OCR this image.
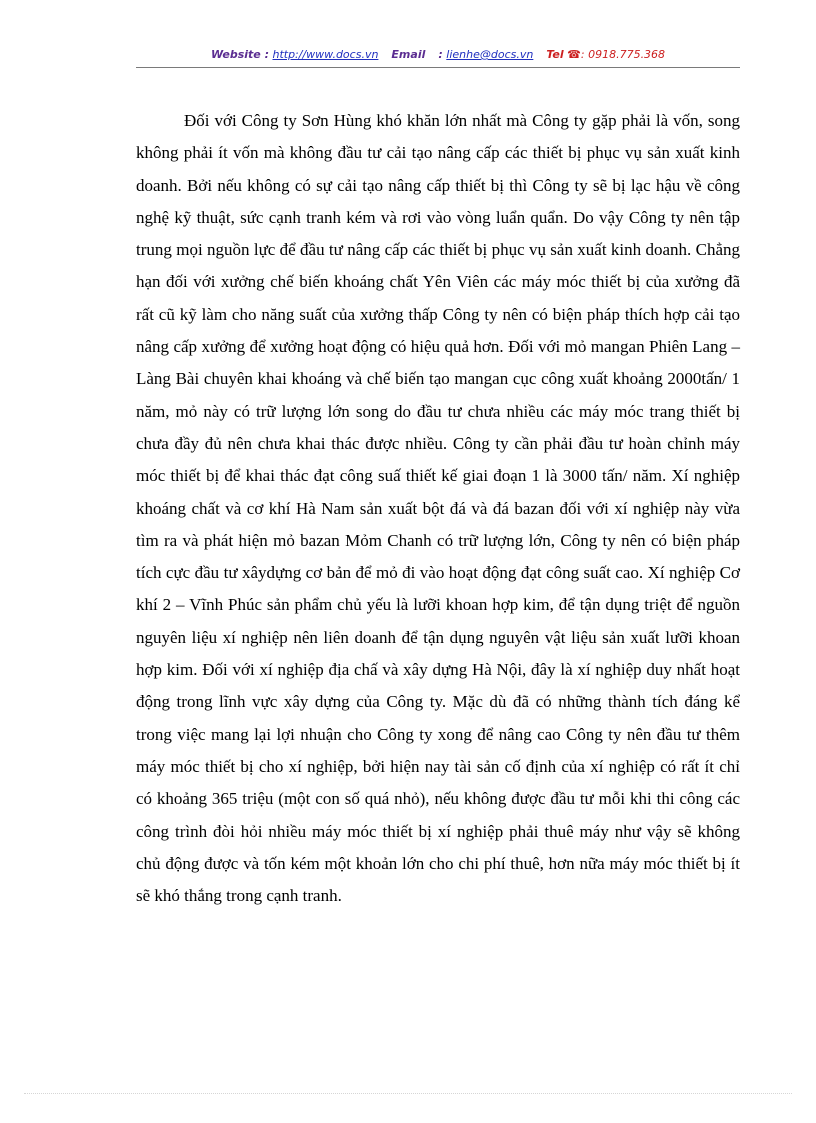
Website : http://www.docs.vn Email : lienhe@docs.vn Tel ☎: 0918.775.368

Đối với Công ty Sơn Hùng khó khăn lớn nhất mà Công ty gặp phải là vốn, song không phải ít vốn mà không đầu tư cải tạo nâng cấp các thiết bị phục vụ sản xuất kinh doanh. Bởi nếu không có sự cải tạo nâng cấp thiết bị thì Công ty sẽ bị lạc hậu về công nghệ kỹ thuật, sức cạnh tranh kém và rơi vào vòng luẩn quẩn. Do vậy Công ty nên tập trung mọi nguồn lực để đầu tư nâng cấp các thiết bị phục vụ sản xuất kinh doanh. Chẳng hạn đối với xưởng chế biến khoáng chất Yên Viên các máy móc thiết bị của xưởng đã rất cũ kỹ làm cho năng suất của xưởng thấp Công ty nên có biện pháp thích hợp cải tạo nâng cấp xưởng để xưởng hoạt động có hiệu quả hơn. Đối với mỏ mangan Phiên Lang – Làng Bài chuyên khai khoáng và chế biến tạo mangan cục công xuất khoảng 2000tấn/ 1 năm, mỏ này có trữ lượng lớn song do đầu tư chưa nhiều các máy móc trang thiết bị chưa đầy đủ nên chưa khai thác được nhiều. Công ty cần phải đầu tư hoàn chỉnh máy móc thiết bị để khai thác đạt công suấ thiết kế giai đoạn 1 là 3000 tấn/ năm. Xí nghiệp khoáng chất và cơ khí Hà Nam sản xuất bột đá và đá bazan đối với xí nghiệp này vừa tìm ra và phát hiện mỏ bazan Mỏm Chanh có trữ lượng lớn, Công ty nên có biện pháp tích cực đầu tư xâydựng cơ bản để mỏ đi vào hoạt động đạt công suất cao. Xí nghiệp Cơ khí 2 – Vĩnh Phúc sản phẩm chủ yếu là lưỡi khoan hợp kim, để tận dụng triệt để nguồn nguyên liệu xí nghiệp nên liên doanh để tận dụng nguyên vật liệu sản xuất lưỡi khoan hợp kim. Đối với xí nghiệp địa chấ và xây dựng Hà Nội, đây là xí nghiệp duy nhất hoạt động trong lĩnh vực xây dựng của Công ty. Mặc dù đã có những thành tích đáng kể trong việc mang lại lợi nhuận cho Công ty xong để nâng cao Công ty nên đầu tư thêm máy móc thiết bị cho xí nghiệp, bởi hiện nay tài sản cố định của xí nghiệp có rất ít chỉ có khoảng 365 triệu (một con số quá nhỏ), nếu không được đầu tư mỗi khi thi công các công trình đòi hỏi nhiều máy móc thiết bị xí nghiệp phải thuê máy như vậy sẽ không chủ động được và tốn kém một khoản lớn cho chi phí thuê, hơn nữa máy móc thiết bị ít sẽ khó thắng trong cạnh tranh.
